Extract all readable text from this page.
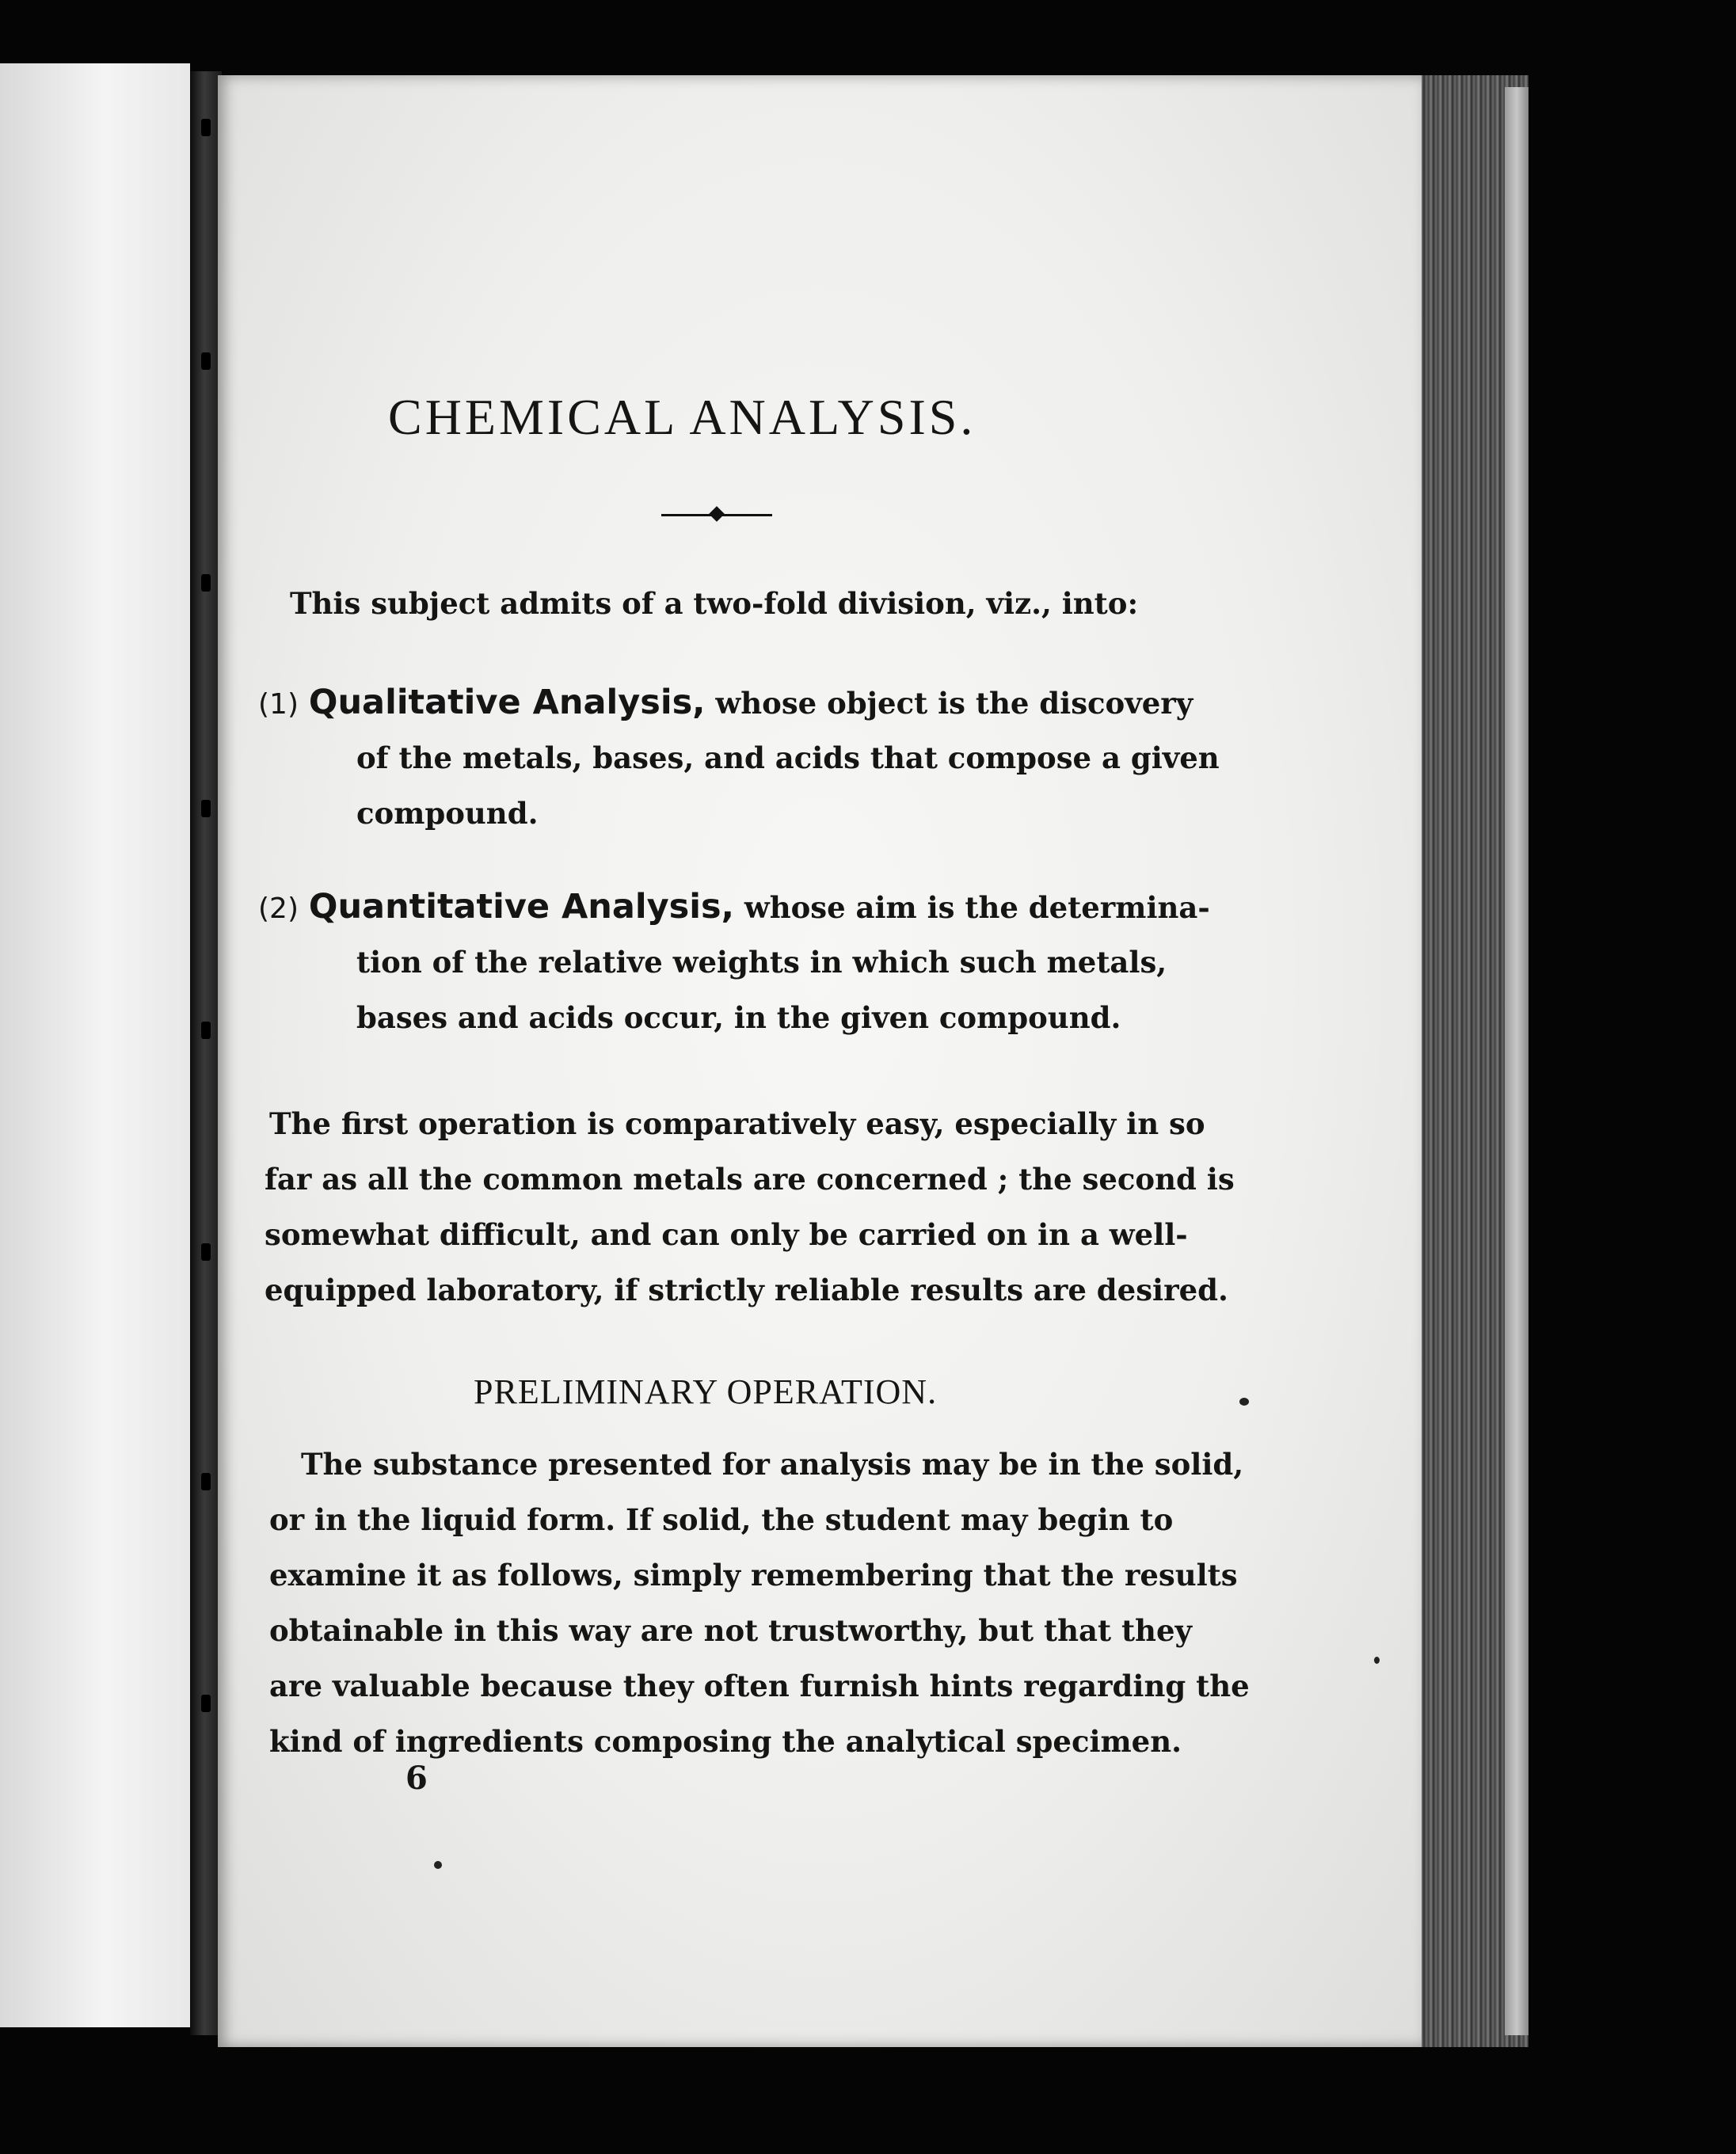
CHEMICAL ANALYSIS.
This subject admits of a two-fold division, viz., into:
(1) Qualitative Analysis, whose object is the discovery
of the metals, bases, and acids that compose a given
compound.
(2) Quantitative Analysis, whose aim is the determina-
tion of the relative weights in which such metals,
bases and acids occur, in the given compound.
The first operation is comparatively easy, especially in so
far as all the common metals are concerned ; the second is
somewhat difficult, and can only be carried on in a well-
equipped laboratory, if strictly reliable results are desired.
PRELIMINARY OPERATION.
The substance presented for analysis may be in the solid,
or in the liquid form. If solid, the student may begin to
examine it as follows, simply remembering that the results
obtainable in this way are not trustworthy, but that they
are valuable because they often furnish hints regarding the
kind of ingredients composing the analytical specimen.
6
